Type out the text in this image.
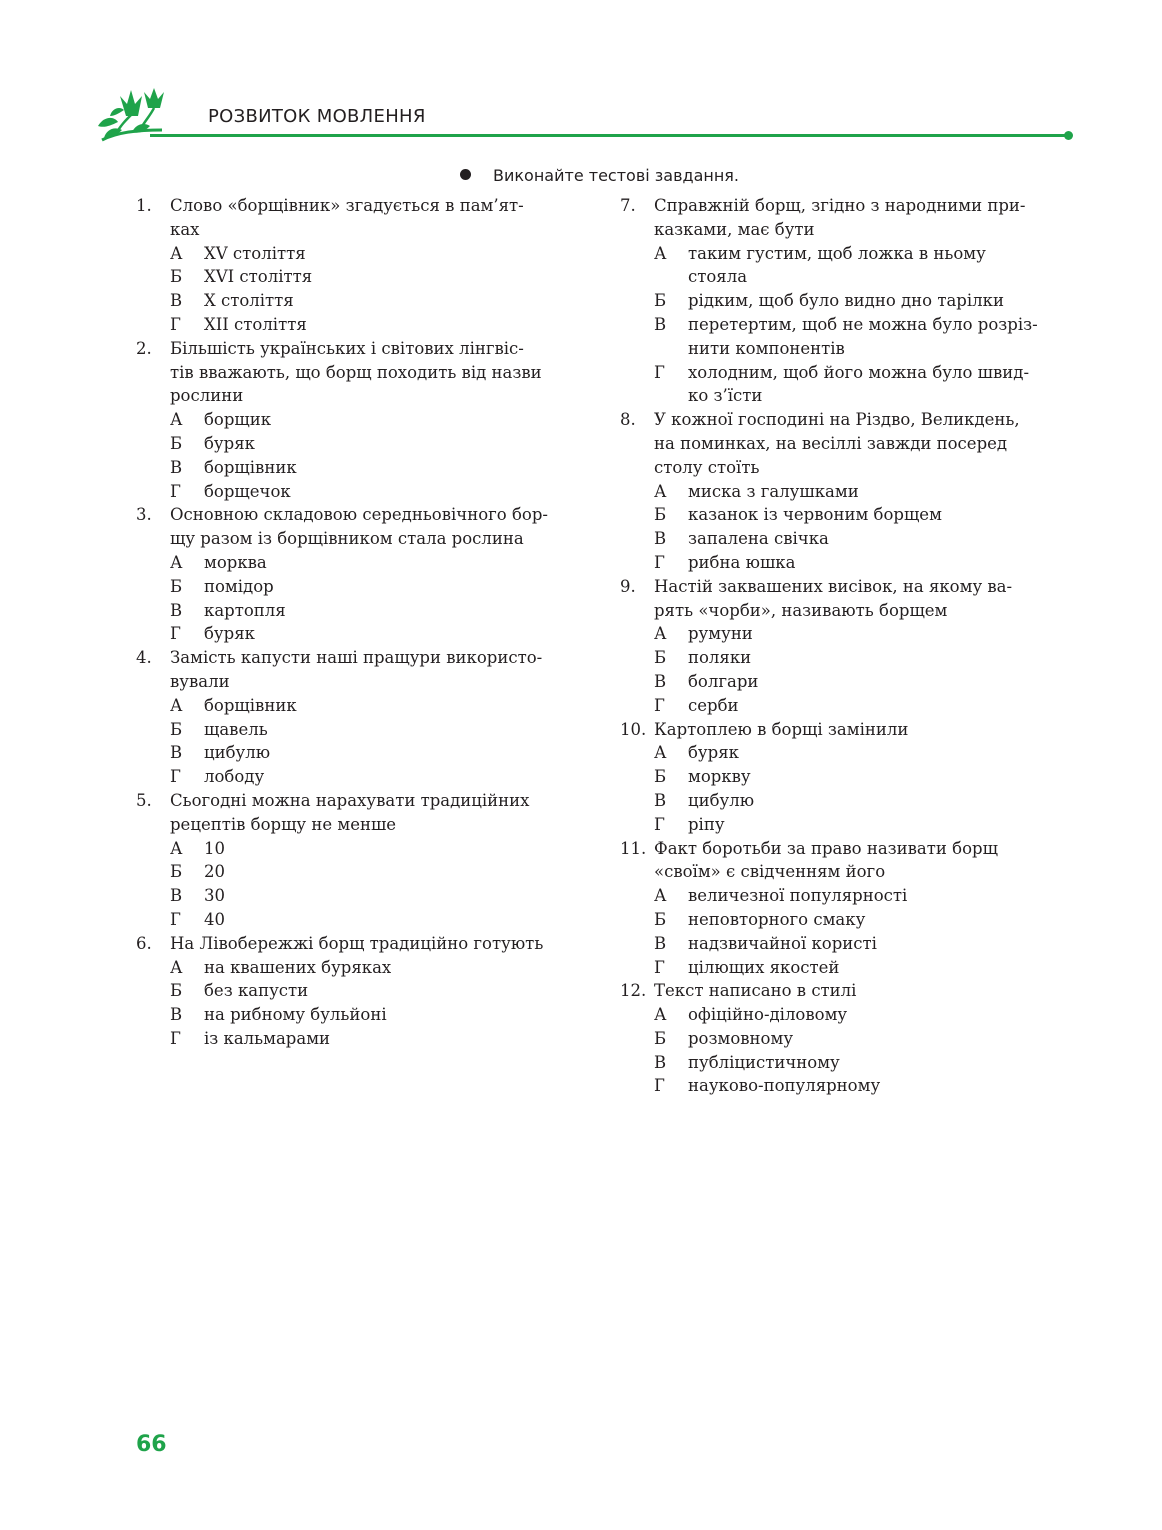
РОЗВИТОК МОВЛЕННЯ
Виконайте тестові завдання.
1.	Слово «борщівник» згадується в пам’ят-
ках
А	XV століття
Б	XVI століття
В	X століття
Г	XII століття
2.	Більшість українських і світових лінгвіс-
тів вважають, що борщ походить від назви
рослини
А	борщик
Б	буряк
В	борщівник
Г	борщечок
3.	Основною складовою середньовічного бор-
щу разом із борщівником стала рослина
А	морква
Б	помідор
В	картопля
Г	буряк
4.	Замість капусти наші пращури використо-
вували
А	борщівник
Б	щавель
В	цибулю
Г	лободу
5.	Сьогодні можна нарахувати традиційних
рецептів борщу не менше
А	10
Б	20
В	30
Г	40
6.	На Лівобережжі борщ традиційно готують
А	на квашених буряках
Б	без капусти
В	на рибному бульйоні
Г	із кальмарами
7.	Справжній борщ, згідно з народними при-
казками, має бути
А	таким густим, щоб ложка в ньому
стояла
Б	рідким, щоб було видно дно тарілки
В	перетертим, щоб не можна було розріз-
нити компонентів
Г	холодним, щоб його можна було швид-
ко з’їсти
8.	У кожної господині на Різдво, Великдень,
на поминках, на весіллі завжди посеред
столу стоїть
А	миска з галушками
Б	казанок із червоним борщем
В	запалена свічка
Г	рибна юшка
9.	Настій заквашених висівок, на якому ва-
рять «чорби», називають борщем
А	румуни
Б	поляки
В	болгари
Г	серби
10. Картоплею в борщі замінили
А	буряк
Б	моркву
В	цибулю
Г	ріпу
11. Факт боротьби за право називати борщ
«своїм» є свідченням його
А	величезної популярності
Б	неповторного смаку
В	надзвичайної користі
Г	цілющих якостей
12. Текст написано в стилі
А	офіційно-діловому
Б	розмовному
В	публіцистичному
Г	науково-популярному
66
